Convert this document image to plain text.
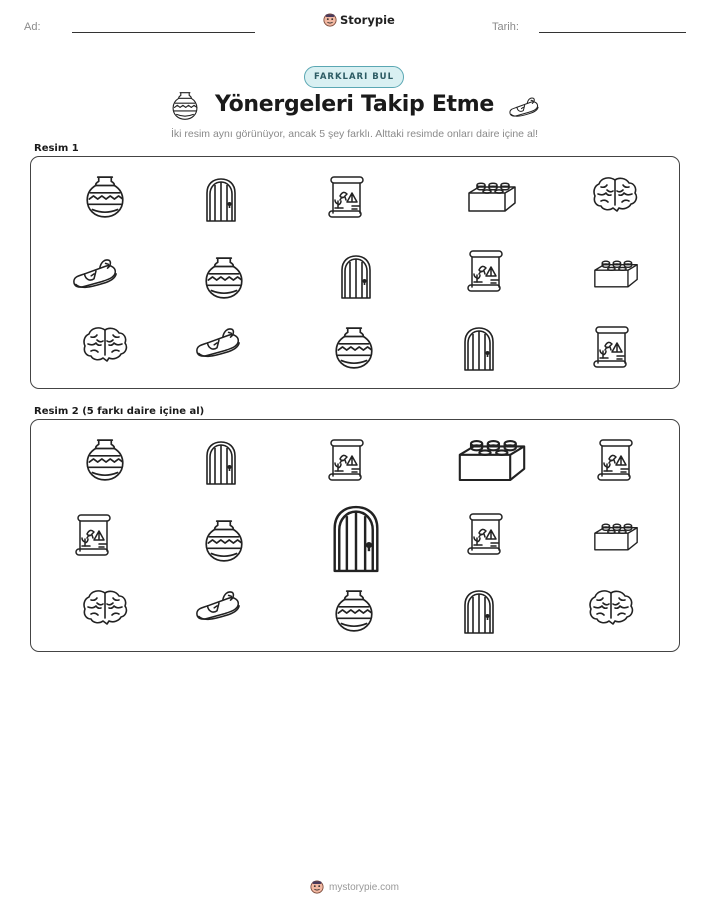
Ad:	Storypie	Tarih:
FARKLARI BUL
Yönergeleri Takip Etme
İki resim aynı görünüyor, ancak 5 şey farklı. Alttaki resimde onları daire içine al!
Resim 1
Resim 2 (5 farkı daire içine al)
mystorypie.com
